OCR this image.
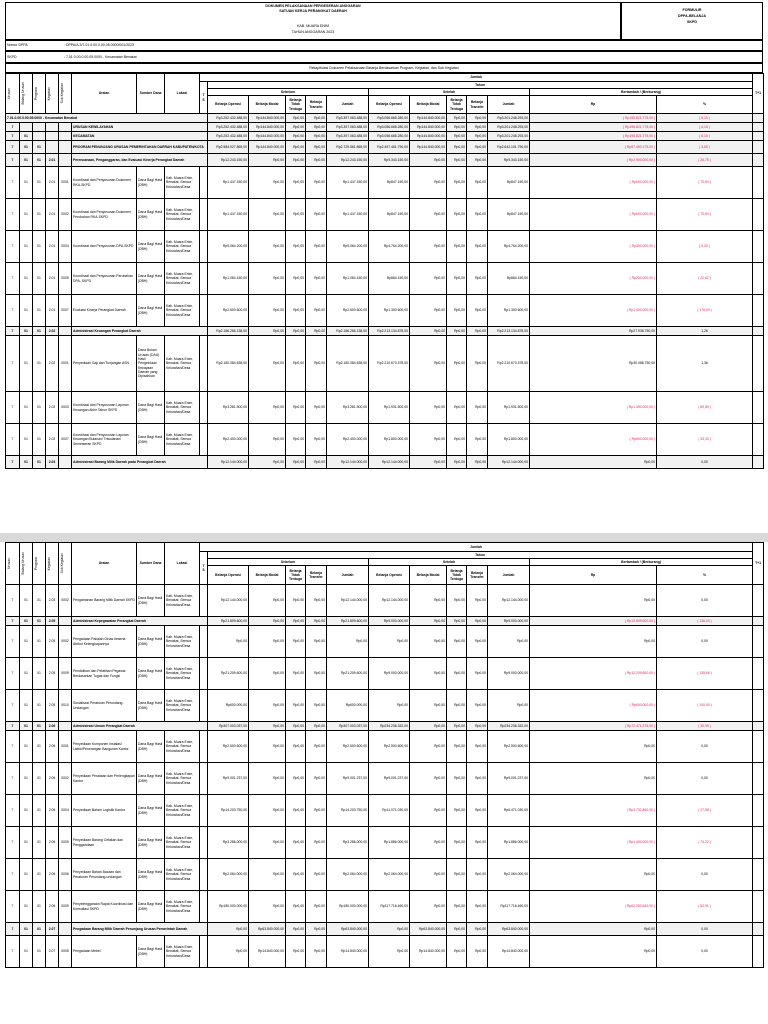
DOKUMEN PELAKSANAAN PERGESERAN ANGGARAN
SATUAN KERJA PERANGKAT DAERAH
KAB. MUARA ENIM
TAHUN ANGGARAN 2023
FORMULIR
DPPA-BELANJA
SKPD
Nomor DPPA	: DPPA/A.3/7.01.0.00.0.00.05.0000/001/2023
SKPD	: 7.01.0.00.0.00.05.0000 - Kecamatan Benakat
Rekapitulasi Dokumen Pelaksanaan Belanja Berdasarkan Program, Kegiatan, dan Sub Kegiatan
Urusan	Bidang Urusan	Program	Kegiatan	Sub Kegiatan	Uraian	Sumber Dana	Lokasi	Jumlah													T+1
								T
S	Tahun												
									Sebelum					Setelah					Bertambah / (Berkurang)		
									Belanja Operasi	Belanja Modal	Belanja Tidak Terduga	Belanja Transfer	Jumlah	Belanja Operasi	Belanja Modal	Belanja Tidak Terduga	Belanja Transfer	Jumlah	Rp	%	
7.01.0.00.0.00.05.0000 - Kecamatan Benakat									Rp3.252.432.488,00	Rp144.840.000,00	Rp0,00	Rp0,00	Rp3.397.063.488,00	Rp3.056.665.280,00	Rp144.840.000,00	Rp0,00	Rp0,00	Rp3.201.248.293,00	( Rp195.821.775,00 )	( 6,15 )	
7					URUSAN KEWILAYAHAN				Rp3.252.432.488,00	Rp144.840.000,00	Rp0,00	Rp0,00	Rp3.397.063.488,00	Rp3.056.665.280,00	Rp144.840.000,00	Rp0,00	Rp0,00	Rp3.201.248.293,00	( Rp195.821.775,00 )	( 6,15 )	
7	01				KECAMATAN				Rp3.252.432.488,00	Rp144.840.000,00	Rp0,00	Rp0,00	Rp3.397.063.488,00	Rp3.056.665.280,00	Rp144.840.000,00	Rp0,00	Rp0,00	Rp3.201.248.293,00	( Rp195.821.775,00 )	( 6,15 )	
7	01	01			PROGRAM PENUNJANG URUSAN PEMERINTAHAN DAERAH KABUPATEN/KOTA				Rp2.584.927.865,00	Rp144.840.000,00	Rp0,00	Rp0,00	Rp2.729.561.865,00	Rp2.497.461.790,00	Rp144.840.000,00	Rp0,00	Rp0,00	Rp2.642.101.790,00	( Rp87.460.175,00 )	( 3,65 )	
7	01	01	2.01		Perencanaan, Penganggaran, dan Evaluasi Kinerja Perangkat Daerah				Rp12.243.150,00	Rp0,00	Rp0,00	Rp0,00	Rp12.243.150,00	Rp9.343.150,00	Rp0,00	Rp0,00	Rp0,00	Rp9.343.150,00	( Rp2.900.000,00 )	( 26,75 )	
7	01	01	2.01	0001	Koordinasi dan Penyusunan Dokumen RKA-SKPD	Dana Bagi Hasil (DBH)	Kab. Muara Enim, Benakat, Semua Kelurahan/Desa		Rp1.447.150,00	Rp0,00	Rp0,00	Rp0,00	Rp1.447.150,00	Rp847.150,00	Rp0,00	Rp0,00	Rp0,00	Rp847.150,00	( Rp600.000,00 )	( 70,83 )	
7	01	01	2.01	0002	Koordinasi dan Penyusunan Dokumen Perubahan RKA-SKPD	Dana Bagi Hasil (DBH)	Kab. Muara Enim, Benakat, Semua Kelurahan/Desa		Rp1.447.150,00	Rp0,00	Rp0,00	Rp0,00	Rp1.447.150,00	Rp847.150,00	Rp0,00	Rp0,00	Rp0,00	Rp847.150,00	( Rp600.000,00 )	( 70,83 )	
7	01	01	2.01	0004	Koordinasi dan Penyusunan DPA-SKPD	Dana Bagi Hasil (DBH)	Kab. Muara Enim, Benakat, Semua Kelurahan/Desa		Rp5.064.200,00	Rp0,00	Rp0,00	Rp0,00	Rp5.064.200,00	Rp4.764.200,00	Rp0,00	Rp0,00	Rp0,00	Rp4.764.200,00	( Rp300.000,00 )	( 6,30 )	
7	01	01	2.01	0005	Koordinasi dan Penyusunan Perubahan DPA- SKPD	Dana Bagi Hasil (DBH)	Kab. Muara Enim, Benakat, Semua Kelurahan/Desa		Rp1.084.150,00	Rp0,00	Rp0,00	Rp0,00	Rp1.084.150,00	Rp884.150,00	Rp0,00	Rp0,00	Rp0,00	Rp884.150,00	( Rp200.000,00 )	( 22,62 )	
7	01	01	2.01	0007	Evaluasi Kinerja Perangkat Daerah	Dana Bagi Hasil (DBH)	Kab. Muara Enim, Benakat, Semua Kelurahan/Desa		Rp2.600.600,00	Rp0,00	Rp0,00	Rp0,00	Rp2.600.600,00	Rp1.300.600,00	Rp0,00	Rp0,00	Rp0,00	Rp1.300.600,00	( Rp1.400.000,00 )	( 176,00 )	
7	01	01	2.02		Administrasi Keuangan Perangkat Daerah				Rp2.186.266.138,00	Rp0,00	Rp0,00	Rp0,00	Rp2.186.266.138,00	Rp2.213.134.878,00	Rp0,00	Rp0,00	Rp0,00	Rp2.213.134.878,00	Rp27.938.750,00	1,26	
7	01	01	2.02	0001	Penyediaan Gaji dan Tunjangan ASN	Dana Bukan Urusan (DAU) Hasil Pengelolaan Kekayaan Daerah yang Dipisahkan	Kab. Muara Enim, Benakat, Semua Kelurahan/Desa		Rp2.180.084.638,00	Rp0,00	Rp0,00	Rp0,00	Rp2.180.084.638,00	Rp2.210.673.378,00	Rp0,00	Rp0,00	Rp0,00	Rp2.210.673.378,00	Rp30.088.750,00	1,36	
7	01	01	2.02	0003	Koordinasi dan Penyusunan Laporan Keuangan Akhir Tahun SKPD	Dana Bagi Hasil (DBH)	Kab. Muara Enim, Benakat, Semua Kelurahan/Desa		Rp3.281.500,00	Rp0,00	Rp0,00	Rp0,00	Rp3.281.500,00	Rp1.931.500,00	Rp0,00	Rp0,00	Rp0,00	Rp1.931.500,00	( Rp1.350.000,00 )	( 69,89 )	
7	01	01	2.02	0007	Koordinasi dan Penyusunan Laporan Keuangan Bulanan/ Triwulanan/ Semesteran SKPD	Dana Bagi Hasil (DBH)	Kab. Muara Enim, Benakat, Semua Kelurahan/Desa		Rp2.400.000,00	Rp0,00	Rp0,00	Rp0,00	Rp2.400.000,00	Rp1.800.000,00	Rp0,00	Rp0,00	Rp0,00	Rp1.800.000,00	( Rp600.000,00 )	( 33,33 )	
7	01	01	2.03		Administrasi Barang Milik Daerah pada Perangkat Daerah				Rp12.144.000,00	Rp0,00	Rp0,00	Rp0,00	Rp12.144.000,00	Rp12.144.000,00	Rp0,00	Rp0,00	Rp0,00	Rp12.144.000,00	Rp0,00	0,00	
Urusan	Bidang Urusan	Program	Kegiatan	Sub Kegiatan	Uraian	Sumber Dana	Lokasi	Jumlah													T+1
								T
S	Tahun												
									Sebelum					Setelah					Bertambah / (Berkurang)		
									Belanja Operasi	Belanja Modal	Belanja Tidak Terduga	Belanja Transfer	Jumlah	Belanja Operasi	Belanja Modal	Belanja Tidak Terduga	Belanja Transfer	Jumlah	Rp	%	
7	01	01	2.03	0002	Pengamanan Barang Milik Daerah SKPD	Dana Bagi Hasil (DBH)	Kab. Muara Enim, Benakat, Semua Kelurahan/Desa		Rp12.144.000,00	Rp0,00	Rp0,00	Rp0,00	Rp12.144.000,00	Rp12.144.000,00	Rp0,00	Rp0,00	Rp0,00	Rp12.144.000,00	Rp0,00	0,00	
7	01	01	2.05		Administrasi Kepegawaian Perangkat Daerah				Rp21.809.600,00	Rp0,00	Rp0,00	Rp0,00	Rp21.809.600,00	Rp9.000.000,00	Rp0,00	Rp0,00	Rp0,00	Rp9.000.000,00	( Rp12.809.600,00 )	( 136,00 )	
7	01	01	2.05	0002	Pengadaan Pakaian Dinas beserta Atribut Kelengkapannya	Dana Bagi Hasil (DBH)	Kab. Muara Enim, Benakat, Semua Kelurahan/Desa		Rp0,00	Rp0,00	Rp0,00	Rp0,00	Rp0,00	Rp0,00	Rp0,00	Rp0,00	Rp0,00	Rp0,00	Rp0,00	0,00	
7	01	01	2.05	0009	Pendidikan dan Pelatihan Pegawai Berdasarkan Tugas dan Fungsi	Dana Bagi Hasil (DBH)	Kab. Muara Enim, Benakat, Semua Kelurahan/Desa		Rp21.209.600,00	Rp0,00	Rp0,00	Rp0,00	Rp21.209.600,00	Rp9.000.000,00	Rp0,00	Rp0,00	Rp0,00	Rp9.000.000,00	( Rp12.209.600,00 )	( 135,66 )	
7	01	01	2.05	0010	Sosialisasi Peraturan Perundang-Undangan	Dana Bagi Hasil (DBH)	Kab. Muara Enim, Benakat, Semua Kelurahan/Desa		Rp600.000,00	Rp0,00	Rp0,00	Rp0,00	Rp600.000,00	Rp0,00	Rp0,00	Rp0,00	Rp0,00	Rp0,00	( Rp600.000,00 )	( 100,00 )	
7	01	01	2.06		Administrasi Umum Perangkat Daerah				Rp307.003.037,00	Rp0,00	Rp0,00	Rp0,00	Rp307.003.037,00	Rp234.236.332,00	Rp0,00	Rp0,00	Rp0,00	Rp234.236.332,00	( Rp72.471.375,00 )	( 30,99 )	
7	01	01	2.06	0001	Penyediaan Komponen Instalasi Listrik/Penerangan Bangunan Kantor	Dana Bagi Hasil (DBH)	Kab. Muara Enim, Benakat, Semua Kelurahan/Desa		Rp2.500.600,00	Rp0,00	Rp0,00	Rp0,00	Rp2.500.600,00	Rp2.500.600,00	Rp0,00	Rp0,00	Rp0,00	Rp2.500.600,00	Rp0,00	0,00	
7	01	01	2.06	0002	Penyediaan Peralatan dan Perlengkapan Kantor	Dana Bagi Hasil (DBH)	Kab. Muara Enim, Benakat, Semua Kelurahan/Desa		Rp9.001.237,00	Rp0,00	Rp0,00	Rp0,00	Rp9.001.237,00	Rp9.001.237,00	Rp0,00	Rp0,00	Rp0,00	Rp9.001.237,00	Rp0,00	0,00	
7	01	01	2.06	0004	Penyediaan Bahan Logistik Kantor	Dana Bagi Hasil (DBH)	Kab. Muara Enim, Benakat, Semua Kelurahan/Desa		Rp14.203.750,00	Rp0,00	Rp0,00	Rp0,00	Rp14.203.750,00	Rp11.071.030,00	Rp0,00	Rp0,00	Rp0,00	Rp6.471.030,00	( Rp3.732.860,00 )	( 27,58 )	
7	01	01	2.06	0005	Penyediaan Barang Cetakan dan Penggandaan	Dana Bagi Hasil (DBH)	Kab. Muara Enim, Benakat, Semua Kelurahan/Desa		Rp3.286.000,00	Rp0,00	Rp0,00	Rp0,00	Rp3.286.000,00	Rp1.886.000,00	Rp0,00	Rp0,00	Rp0,00	Rp1.886.000,00	( Rp1.400.000,00 )	( 74,22 )	
7	01	01	2.06	0006	Penyediaan Bahan Bacaan dan Peraturan Perundang-undangan	Dana Bagi Hasil (DBH)	Kab. Muara Enim, Benakat, Semua Kelurahan/Desa		Rp2.064.000,00	Rp0,00	Rp0,00	Rp0,00	Rp2.064.000,00	Rp2.064.000,00	Rp0,00	Rp0,00	Rp0,00	Rp2.064.000,00	Rp0,00	0,00	
7	01	01	2.06	0009	Penyelenggaraan Rapat Koordinasi dan Konsultasi SKPD	Dana Bagi Hasil (DBH)	Kab. Muara Enim, Benakat, Semua Kelurahan/Desa		Rp180.000.000,00	Rp0,00	Rp0,00	Rp0,00	Rp180.000.000,00	Rp117.716.460,00	Rp0,00	Rp0,00	Rp0,00	Rp117.716.460,00	( Rp62.283.540,00 )	( 52,91 )	
7	01	01	2.07		Pengadaan Barang Milik Daerah Penunjang Urusan Pemerintah Daerah				Rp0,00	Rp63.840.000,00	Rp0,00	Rp0,00	Rp63.840.000,00	Rp0,00	Rp63.840.000,00	Rp0,00	Rp0,00	Rp63.840.000,00	Rp0,00	0,00	
7	01	01	2.07	0005	Pengadaan Mebel	Dana Bagi Hasil (DBH)	Kab. Muara Enim, Benakat, Semua Kelurahan/Desa		Rp0,00	Rp14.840.000,00	Rp0,00	Rp0,00	Rp14.840.000,00	Rp0,00	Rp14.840.000,00	Rp0,00	Rp0,00	Rp14.840.000,00	Rp0,00	0,00	
